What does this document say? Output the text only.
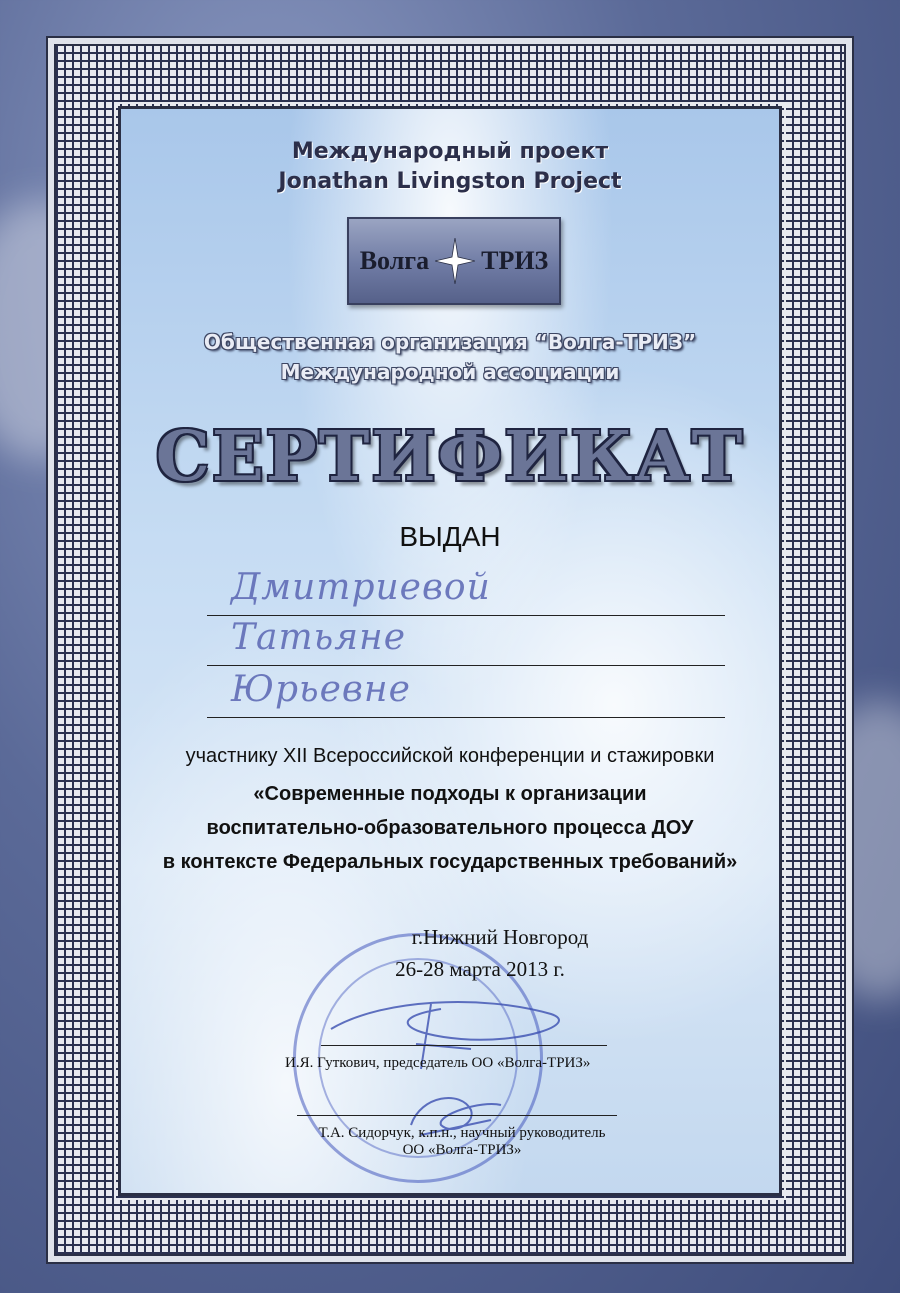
Международный проект
Jonathan Livingston Project
Волга ТРИЗ
Общественная организация “Волга-ТРИЗ”
Международной ассоциации
СЕРТИФИКАТ
ВЫДАН
Дмитриевой
Татьяне
Юрьевне
участнику XII Всероссийской конференции и стажировки
«Современные подходы к организации
воспитательно-образовательного процесса ДОУ
в контексте Федеральных государственных требований»
г.Нижний Новгород
26-28 марта 2013 г.
И.Я. Гуткович, председатель ОО «Волга-ТРИЗ»
Т.А. Сидорчук, к.п.н., научный руководитель
ОО «Волга-ТРИЗ»
